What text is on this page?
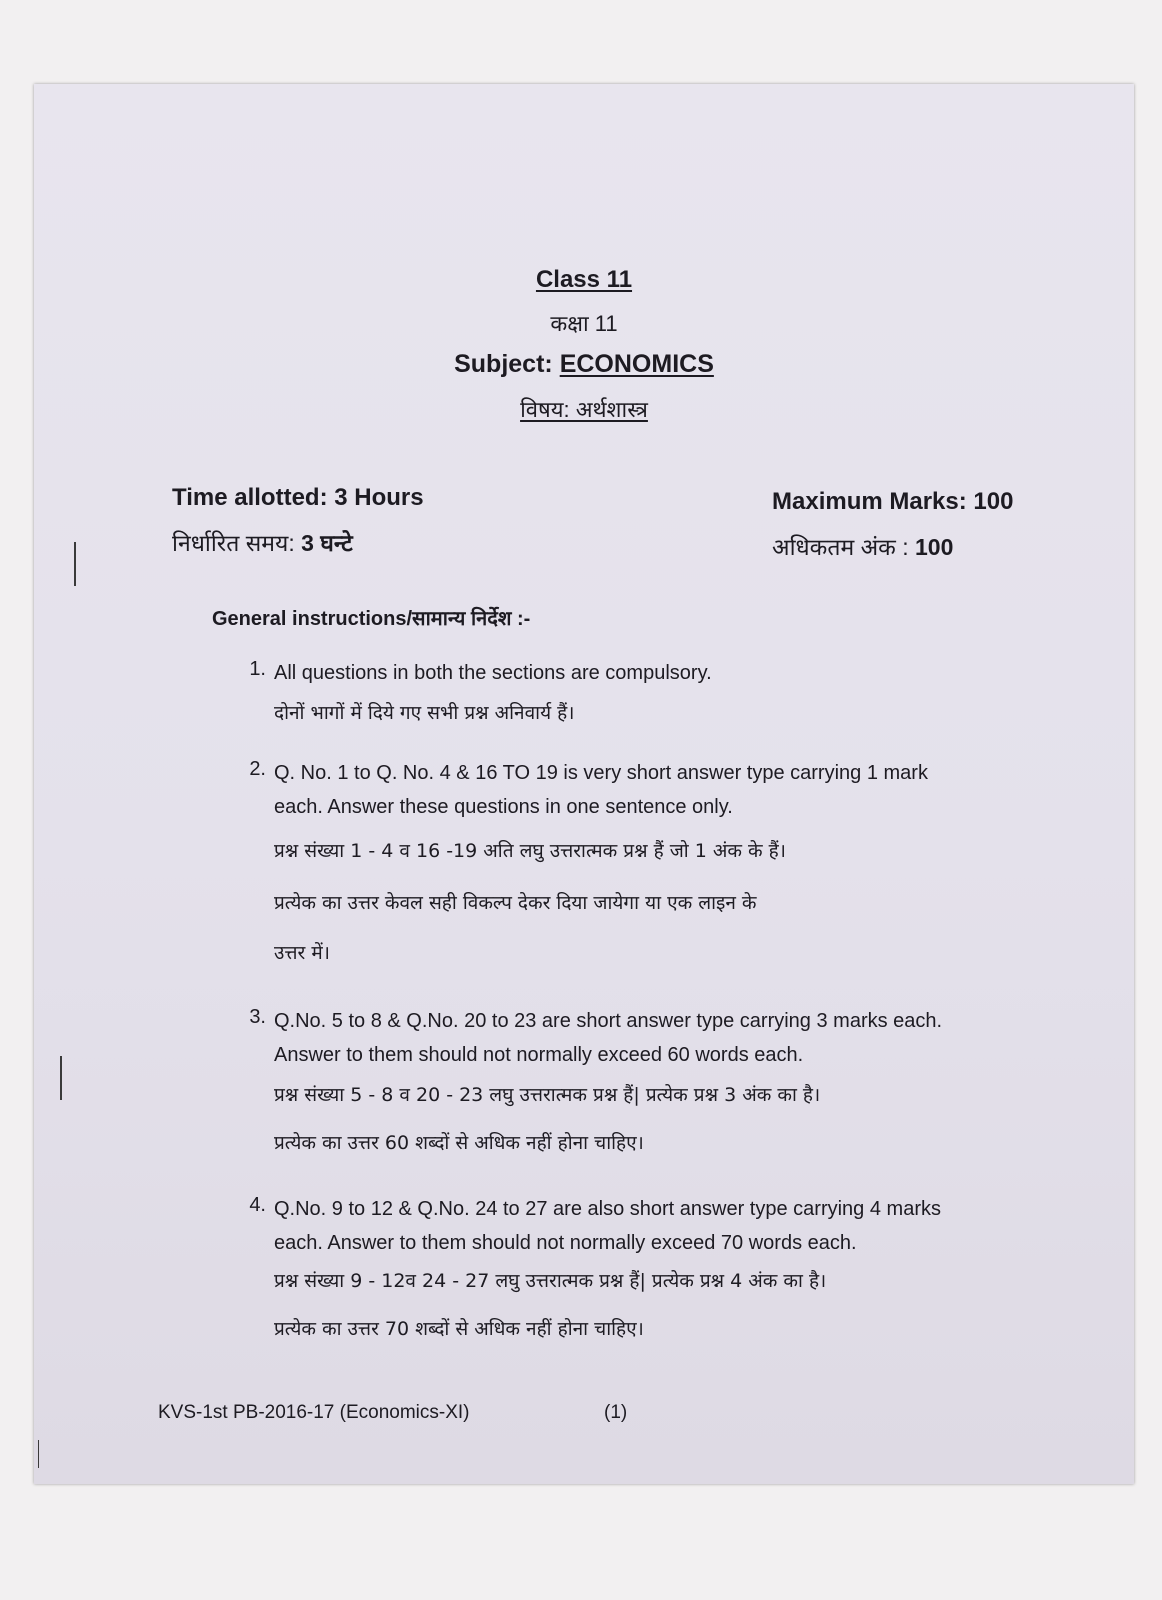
Class 11
कक्षा 11
Subject: ECONOMICS
विषय: अर्थशास्त्र
Time allotted: 3 Hours
निर्धारित समय: 3 घन्टे
Maximum Marks: 100
अधिकतम अंक : 100
General instructions/सामान्य निर्देश :-
1. All questions in both the sections are compulsory.
दोनों भागों में दिये गए सभी प्रश्न अनिवार्य हैं।
2. Q. No. 1 to Q. No. 4 & 16 TO 19 is very short answer type carrying 1 mark
each. Answer these questions in one sentence only.
प्रश्न संख्या 1 - 4 व 16 -19 अति लघु उत्तरात्मक प्रश्न हैं जो 1 अंक के हैं।
प्रत्येक का उत्तर केवल सही विकल्प देकर दिया जायेगा या एक लाइन के
उत्तर में।
3. Q.No. 5 to 8 & Q.No. 20 to 23 are short answer type carrying 3 marks each.
Answer to them should not normally exceed 60 words each.
प्रश्न संख्या 5 - 8 व 20 - 23 लघु उत्तरात्मक प्रश्न हैं| प्रत्येक प्रश्न 3 अंक का है।
प्रत्येक का उत्तर 60 शब्दों से अधिक नहीं होना चाहिए।
4. Q.No. 9 to 12 & Q.No. 24 to 27 are also short answer type carrying 4 marks
each. Answer to them should not normally exceed 70 words each.
प्रश्न संख्या 9 - 12व 24 - 27 लघु उत्तरात्मक प्रश्न हैं| प्रत्येक प्रश्न 4 अंक का है।
प्रत्येक का उत्तर 70 शब्दों से अधिक नहीं होना चाहिए।
KVS-1st PB-2016-17 (Economics-XI)	(1)
